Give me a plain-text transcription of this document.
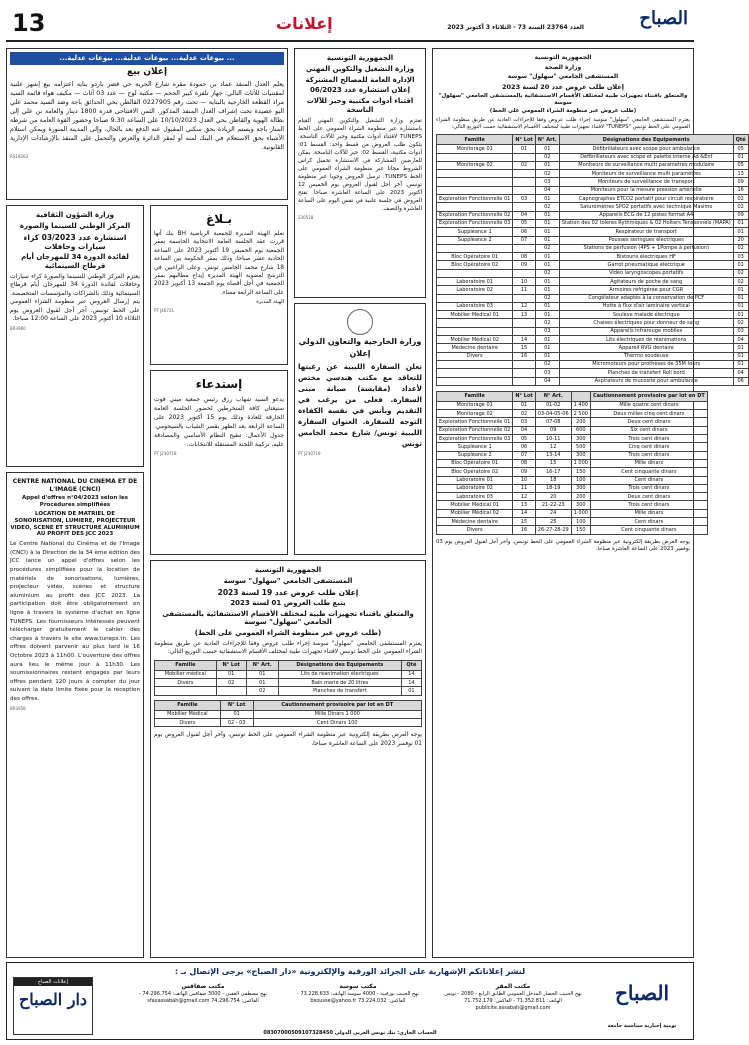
13	إعلانات	العدد 23764 السنة 73 - الثلاثاء 3 أكتوبر 2023	الصباح
... بيوعات عدلية... بيوعات عدلية... بيوعات عدلية...
إعلان بيع
يعلم العدل المنفذ عماد بن حمودة مقره شارع الحرية حي قصر باردو بناية اعتزامه بيع إشهر علنية لمقتنيات للأثاث التالي: جهاز تلفزة كبير الحجم — مكتبة لوح — عدد 03 أثاث — مكيف هواء قائمة السيد مراد القطعة الخارجية بالبناية — تحت رقم 0227905 القالطن بحي الحدائق باجة وضد السيد محمد علي البو عصيدة تحت إشراف العدل المنفذ المذكور. الثمن الافتتاحي قدره 1800 دينار والعامة بن علي إلى بطالة الهوية والقاطن بحي العدل 10/10/2023 على الساعة 9.30 صباحا وحضور القوة العامة من شرطة المنار باجة وبستم الزيادة بحق سكني المقبول عنه الدفع بعد بالحال، وإلى المدينة المنورة ويمكن استلام الأشياء بحق الاستعلام في البنك لمنه أو لمقر الدائرة والعرض والتحمل على المنفذ بالإرشادات الإدارية القانونية.
RS19263
وزارة الشؤون الثقافية
المركز الوطني للسينما والصورة
استشارة عدد 03/2023 كراء سيارات وحافلات
لفائدة الدورة 34 للمهرجان أيام قرطاج السينمائية
يعتزم المركز الوطني للسينما والصورة كراء سيارات وحافلات لفائدة الدورة 34 للمهرجان أيام قرطاج السينمائية وذلك بالشراكات والمؤسسات المتخصصة. يتم إرسال العروض عبر منظومة الشراء العمومي على الخط تونبس. آخر أجل لقبول العروض يوم الثلاثاء 10 أكتوبر 2023 على الساعة 12:00 صباحا.
BR3960
CENTRE NATIONAL DU CINEMA ET DE L'IMAGE (CNCI)
Appel d'offres n°04/2023 selon les Procédures simplifiées
LOCATION DE MATRIEL DE SONORISATION, LUMIERE, PROJECTEUR VIDEO, SCENE ET STRUCTURE ALUMINIUM AU PROFIT DES JCC 2023
Le Centre National du Cinéma et de l'Image (CNCI) à la Direction de la 34 ème édition des JCC lance un appel d'offres selon les procédures simplifiées pour la location de matériels de sonorisations, lumières, projecteur vidéo, scènes et structure aluminium au profit des JCC 2023. La participation doit être obligatoirement en ligne à travers le système d'achat en ligne TUNEPS. Les fournisseurs intéressés peuvent télécharger gratuitement le cahier des charges à travers le site www.tuneps.tn. Les offres doivent parvenir au plus tard le 16 Octobre 2023 à 11h00. L'ouverture des offres aura lieu le même jour à 11h30. Les soumissionnaires restent engagés par leurs offres pendant 120 jours à compter du jour suivant la date limite fixée pour la réception des offres.
BR3958
بـلاغ
تعلم الهيئة المديرة للجمعية الرياضية BH بنك أنها قررت عقد الجلسة العامة الانتخابية الحاسمة بمقر الجمعية يوم الخميس 19 أكتوبر 2023 على الساعة الحادية عشر صباحا، وذلك بمقر الحكومة بين الساعة 18 شارع محمد الخامس تونس. وعلى الراغبين في الترشح لعضوية الهيئة المديرة إيداع مطالبهم بمقر الجمعية في أجل أقصاه يوم الجمعة 13 أكتوبر 2023 على الساعة الرابعة مساء.
الهيئة المديرة
PT J46721
إستدعاء
يدعو السيد شهاب رزق رئيس جمعية ميني فوت ستيغتان كافة المنخرطين لحضور الجلسة العامة الخارقة للعادة وذلك يوم 15 أكتوبر 2023 على الساعة الرابعة بعد الظهر بقصر الشباب بالسيجومي. جدول الأعمال: تنقيح النظام الأساسي والمصادقة عليه، تركيبة اللجنة المستقلة للانتخابات.
PT J230718
الجمهورية التونسية
وزارة التشغيل والتكوين المهني
الإدارة العامة للمصالح المشتركة
إعلان استشارة عدد 06/2023
اقتناء أدوات مكتبية وحبر للآلات الناسخة
تعتزم وزارة التشغيل والتكوين المهني القيام باستشارة عبر منظومة الشراء العمومي على الخط TUNEPS لاقتناء أدوات مكتبية وحبر للآلات الناسخة. يتكون طلب العروض من قسط واحد: القسط 01: أدوات مكتبية، القسط 02: حبر للآلات الناسخة. يمكن للعارضين المشاركة في الاستشارة تحميل كراس الشروط مجانا عبر منظومة الشراء العمومي على الخط TUNEPS. ترسل العروض وجوبا عبر منظومة تونبس. آخر أجل لقبول العروض يوم الخميس 12 أكتوبر 2023 على الساعة العاشرة صباحا. تفتح العروض في جلسة علنية في نفس اليوم على الساعة العاشرة والنصف.
230518
وزارة الخارجية والتعاون الدولي
إعلان
تعلن السفارة الليبية عن رغبتها للتعاقد مع مكتب هندسي مختص لأعداد (مقايسة) صيانة مبنى السفارة. فعلى من يرغب في التقديم وبأنس في نفسه الكفاءة التوجه للسفارة. العنوان السفارة الليبية تونس/ شارع محمد الخامس تونس
PT J230719
الجمهورية التونسية
المستشفى الجامعي "سهلول" سوسة
إعلان طلب عروض عدد 19 لسنة 2023
يتبع طلب العروض 01 لسنة 2023
والمتعلق باقتناء تجهيزات طبية لمختلف الأقسام الاستشفائية بالمستشفى الجامعي "سهلول" سوسة
(طلب عروض عبر منظومة الشراء العمومي على الخط)
يعتزم المستشفى الجامعي "سهلول" سوسة إجراء طلب عروض وفقا للإجراءات العادية عن طريق منظومة الشراء العمومي على الخط تونبس لاقتناء تجهيزات طبية لمختلف الأقسام الاستشفائية حسب التوزيع التالي:
Famille	N° Lot	N° Art.	Désignations des Equipements	Qté
Mobilier médical	01	01	Lits de réanimation électriques	14
Divers	02	01	Bain marie de 20 litres	14
		02	Planches de transfert	01
Famille	N° Lot	Cautionnement provisoire par lot en DT
Mobilier Médical	01	Mille Dinars 1 000
Divers	02 - 03	Cent Dinars 100
يوجه العرض بطريقة إلكترونية عبر منظومة الشراء العمومي على الخط تونبس، وآخر أجل لقبول العروض يوم 01 نوفمبر 2023 على الساعة العاشرة صباحا.
الجمهورية التونسية
وزارة الصحة
المستشفى الجامعي "سهلول" سوسة
إعلان طلب عروض عدد 20 لسنة 2023
والمتعلق باقتناء تجهيزات طبية لمختلف الأقسام الاستشفائية بالمستشفى الجامعي "سهلول" سوسة
(طلب عروض عبر منظومة الشراء العمومي على الخط)
يعتزم المستشفى الجامعي "سهلول" سوسة إجراء طلب عروض وفقا للإجراءات العادية عن طريق منظومة الشراء العمومي على الخط تونبس "TUNEPS" لاقتناء تجهيزات طبية لمختلف الأقسام الاستشفائية حسب التوزيع التالي:
Famille	N° Lot	N° Art.	Désignations des Equipements	Qté
Monitorage 01	01	01	Défibrillateurs avec scope pour ambulance	05
		02	Défibrillateurs avec scope et palette interne Ad &Enf	01
Monitorage 02	02	01	Moniteurs de surveillance multi paramètres modulaire	05
		02	Moniteurs de surveillance multi paramètres	13
		03	Moniteurs de surveillance de transport	09
		04	Moniteurs pour la mesure pression artérielle	16
Exploration Fonctionnelle 01	03	01	Capnographes ETCO2 portatif pour circuit respiratoire	02
		02	Saturomètres SPO2 portatifs avec technique Masimo	02
Exploration Fonctionnelle 02	04	01	Appareils ECG de 12 pistes format A4	09
Exploration Fonctionnelle 03	05	01	Station des 02 tolères Rythmiques & 02 Holters Tensionnels (MAPA)	01
Suppléance 1	06	01	Respirateur de transport	01
Suppléance 2	07	01	Pousses seringues électriques	20
		02	Stations de perfusion (4PS + 1Pompe à perfusion)	02
Bloc Opératoire 01	08	01	Bistouris électriques HF	03
Bloc Opératoire 02	09	01	Garrot pneumatique électrique	01
		02	Vidéo laryngoscopes portatifs	02
Laboratoire 01	10	01	Agitateurs de poche de sang	02
Laboratoire 02	11	01	Armoires réfrigérée pour CGR	01
		02	Congélateur adaptés à la conservation de PCF	01
Laboratoire 03	12	01	Hotte à flux d'air laminaire vertical	01
Mobilier Médical 01	13	01	Soulève malade électrique	01
		02	Chaises électriques pour donneur de sang	02
		03	Appareils infrarouge mobiles	03
Mobilier Médical 02	14	01	Lits électriques de réanimations	04
Médecine dentaire	15	01	Appareil RVG dentaire	01
Divers	16	01	Thermo soudeuse	01
		02	Micromoteurs pour prothèses de 35M tours	01
		03	Planches de transfert Roll bord	04
		04	Aspirateurs de mucosité pour ambulance	06
Famille	N° Lot	N° Art.		Cautionnement provisoire par lot en DT
Monitorage 01	01	01-02	1 400	Mille quatre cent dinars
Monitorage 02	02	03-04-05-06	2 500	Deux milles cinq cent dinars
Exploration Fonctionnelle 01	03	07-08	200	Deux cent dinars
Exploration Fonctionnelle 02	04	09	600	Six cent dinars
Exploration Fonctionnelle 03	05	10-11	300	Trois cent dinars
Suppléance 1	06	12	500	Cinq cent dinars
Suppléance 2	07	13-14	300	Trois cent dinars
Bloc Opératoire 01	08	15	1 000	Mille dinars
Bloc Opératoire 02	09	16-17	150	Cent cinquante dinars
Laboratoire 01	10	18	100	Cent dinars
Laboratoire 02	11	18-19	300	Trois cent dinars
Laboratoire 03	12	20	200	Deux cent dinars
Mobilier Médical 01	13	21-22-23	300	Trois cent dinars
Mobilier Médical 02	14	24	1 000	Mille dinars
Médecine dentaire	15	25	100	Cent dinars
Divers	16	26-27-28-29	150	Cent cinquante dinars
يوجه العرض بطريقة إلكترونية عبر منظومة الشراء العمومي على الخط تونبس، وآخر أجل لقبول العروض يوم 03 نوفمبر 2023 على الساعة العاشرة صباحا.
لنشر إعلاناتكم الإشهارية على الجرائد الورقية والإلكترونية «دار الصباح» يرجى الإتصال بـ :
الصباح
يومية إخبارية سياسية جامعة
إعلانات الصباح
دار الصباح
مكتب المقر
نهج الحبيب الحضار المدخل العمومي الطابق الرابع - 2080 - تونس الهاتف: 71.352.811 - الفاكس: 71.752.179 publicite.assabah@gmail.com
مكتب سوسة
نهج الحبيب بورقيبة - 4000 سوسة الهاتف: 73.228.633 - الفاكس: 73.224.032 bsousse@yahoo.fr
مكتب صفاقس
نهج مصطفى العقبي - 3000 صفاقس الهاتف: 74.296.754 - الفاكس: 74.296.754 sfaxassabah@gmail.com
الحساب الجاري: بنك تونس العربي الدولي 08307000509107328450
